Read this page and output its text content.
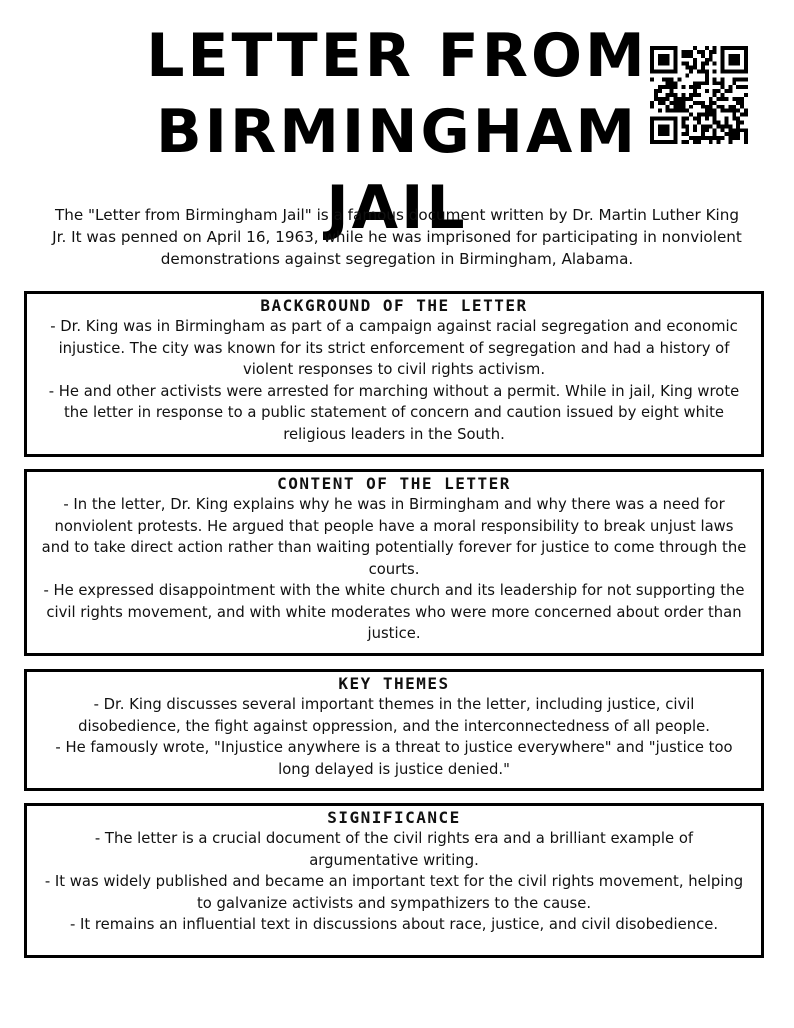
LETTER FROM
BIRMINGHAM JAIL

The "Letter from Birmingham Jail" is a famous document written by Dr. Martin Luther King Jr. It was penned on April 16, 1963, while he was imprisoned for participating in nonviolent demonstrations against segregation in Birmingham, Alabama.

BACKGROUND OF THE LETTER

- Dr. King was in Birmingham as part of a campaign against racial segregation and economic injustice. The city was known for its strict enforcement of segregation and had a history of violent responses to civil rights activism.

- He and other activists were arrested for marching without a permit. While in jail, King wrote the letter in response to a public statement of concern and caution issued by eight white religious leaders in the South.

CONTENT OF THE LETTER

- In the letter, Dr. King explains why he was in Birmingham and why there was a need for nonviolent protests. He argued that people have a moral responsibility to break unjust laws and to take direct action rather than waiting potentially forever for justice to come through the courts.

- He expressed disappointment with the white church and its leadership for not supporting the civil rights movement, and with white moderates who were more concerned about order than justice.

KEY THEMES

- Dr. King discusses several important themes in the letter, including justice, civil disobedience, the fight against oppression, and the interconnectedness of all people.

- He famously wrote, "Injustice anywhere is a threat to justice everywhere" and "justice too long delayed is justice denied."

SIGNIFICANCE

- The letter is a crucial document of the civil rights era and a brilliant example of argumentative writing.

- It was widely published and became an important text for the civil rights movement, helping to galvanize activists and sympathizers to the cause.

- It remains an influential text in discussions about race, justice, and civil disobedience.
